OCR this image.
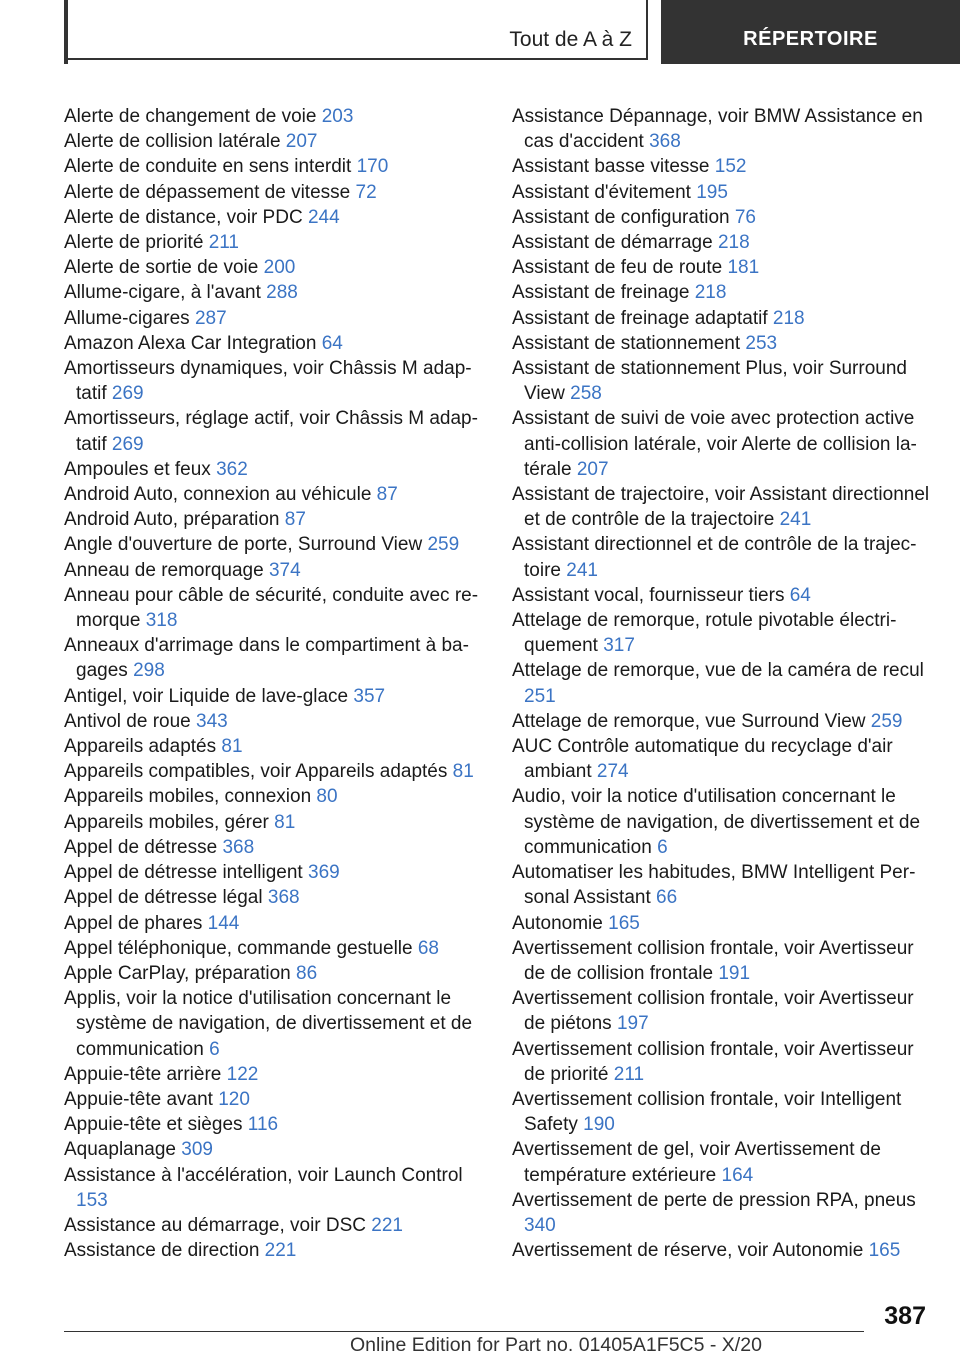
Tout de A à Z	RÉPERTOIRE
Alerte de changement de voie 203
Alerte de collision latérale 207
Alerte de conduite en sens interdit 170
Alerte de dépassement de vitesse 72
Alerte de distance, voir PDC 244
Alerte de priorité 211
Alerte de sortie de voie 200
Allume-cigare, à l'avant 288
Allume-cigares 287
Amazon Alexa Car Integration 64
Amortisseurs dynamiques, voir Châssis M adaptatif 269
Amortisseurs, réglage actif, voir Châssis M adaptatif 269
Ampoules et feux 362
Android Auto, connexion au véhicule 87
Android Auto, préparation 87
Angle d'ouverture de porte, Surround View 259
Anneau de remorquage 374
Anneau pour câble de sécurité, conduite avec remorque 318
Anneaux d'arrimage dans le compartiment à bagages 298
Antigel, voir Liquide de lave-glace 357
Antivol de roue 343
Appareils adaptés 81
Appareils compatibles, voir Appareils adaptés 81
Appareils mobiles, connexion 80
Appareils mobiles, gérer 81
Appel de détresse 368
Appel de détresse intelligent 369
Appel de détresse légal 368
Appel de phares 144
Appel téléphonique, commande gestuelle 68
Apple CarPlay, préparation 86
Applis, voir la notice d'utilisation concernant le système de navigation, de divertissement et de communication 6
Appuie-tête arrière 122
Appuie-tête avant 120
Appuie-tête et sièges 116
Aquaplanage 309
Assistance à l'accélération, voir Launch Control 153
Assistance au démarrage, voir DSC 221
Assistance de direction 221
Assistance Dépannage, voir BMW Assistance en cas d'accident 368
Assistant basse vitesse 152
Assistant d'évitement 195
Assistant de configuration 76
Assistant de démarrage 218
Assistant de feu de route 181
Assistant de freinage 218
Assistant de freinage adaptatif 218
Assistant de stationnement 253
Assistant de stationnement Plus, voir Surround View 258
Assistant de suivi de voie avec protection active anti-collision latérale, voir Alerte de collision latérale 207
Assistant de trajectoire, voir Assistant directionnel et de contrôle de la trajectoire 241
Assistant directionnel et de contrôle de la trajectoire 241
Assistant vocal, fournisseur tiers 64
Attelage de remorque, rotule pivotable électriquement 317
Attelage de remorque, vue de la caméra de recul 251
Attelage de remorque, vue Surround View 259
AUC Contrôle automatique du recyclage d'air ambiant 274
Audio, voir la notice d'utilisation concernant le système de navigation, de divertissement et de communication 6
Automatiser les habitudes, BMW Intelligent Personal Assistant 66
Autonomie 165
Avertissement collision frontale, voir Avertisseur de de collision frontale 191
Avertissement collision frontale, voir Avertisseur de piétons 197
Avertissement collision frontale, voir Avertisseur de priorité 211
Avertissement collision frontale, voir Intelligent Safety 190
Avertissement de gel, voir Avertissement de température extérieure 164
Avertissement de perte de pression RPA, pneus 340
Avertissement de réserve, voir Autonomie 165
387
Online Edition for Part no. 01405A1F5C5 - X/20
